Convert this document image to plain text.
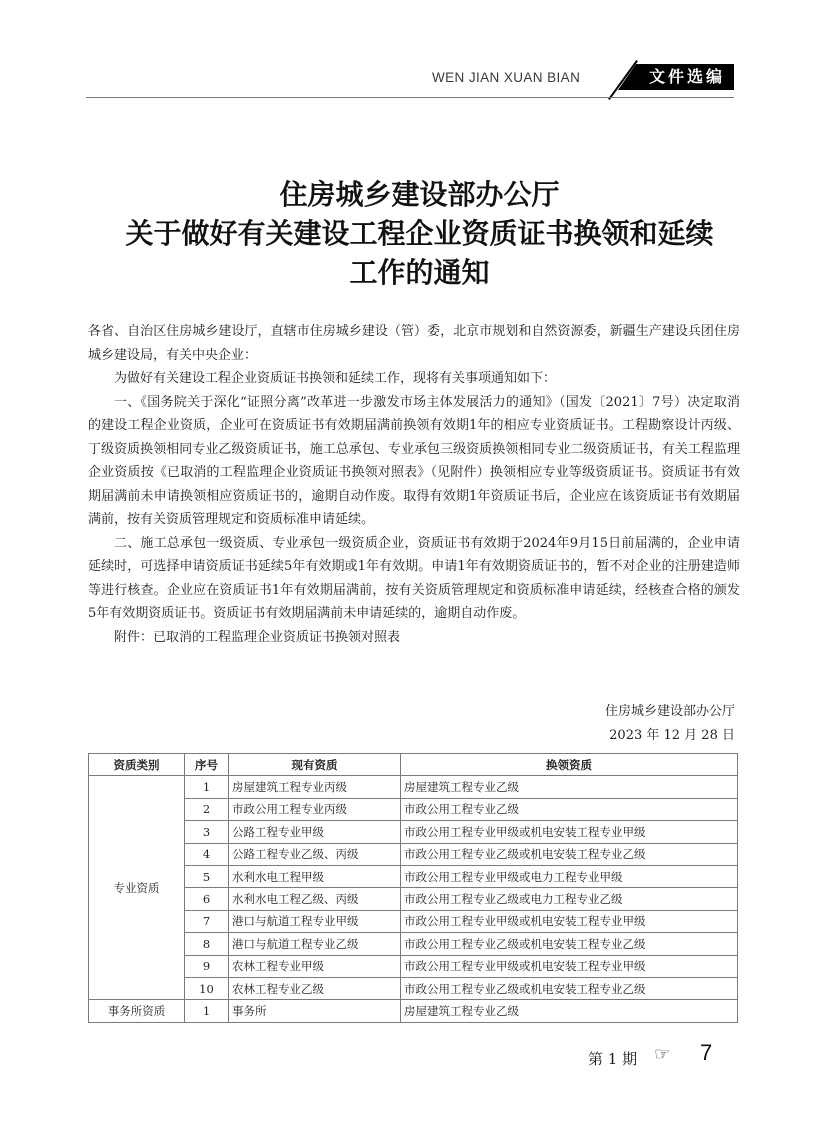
WEN JIAN XUAN BIAN	文件选编
住房城乡建设部办公厅
关于做好有关建设工程企业资质证书换领和延续
工作的通知

各省、自治区住房城乡建设厅，直辖市住房城乡建设（管）委，北京市规划和自然资源委，新疆生产建设兵团住房城乡建设局，有关中央企业：

为做好有关建设工程企业资质证书换领和延续工作，现将有关事项通知如下：

一、《国务院关于深化“证照分离”改革进一步激发市场主体发展活力的通知》（国发〔2021〕7号）决定取消的建设工程企业资质，企业可在资质证书有效期届满前换领有效期1年的相应专业资质证书。工程勘察设计丙级、丁级资质换领相同专业乙级资质证书，施工总承包、专业承包三级资质换领相同专业二级资质证书，有关工程监理企业资质按《已取消的工程监理企业资质证书换领对照表》（见附件）换领相应专业等级资质证书。资质证书有效期届满前未申请换领相应资质证书的，逾期自动作废。取得有效期1年资质证书后，企业应在该资质证书有效期届满前，按有关资质管理规定和资质标准申请延续。

二、施工总承包一级资质、专业承包一级资质企业，资质证书有效期于2024年9月15日前届满的，企业申请延续时，可选择申请资质证书延续5年有效期或1年有效期。申请1年有效期资质证书的，暂不对企业的注册建造师等进行核查。企业应在资质证书1年有效期届满前，按有关资质管理规定和资质标准申请延续，经核查合格的颁发5年有效期资质证书。资质证书有效期届满前未申请延续的，逾期自动作废。

附件：已取消的工程监理企业资质证书换领对照表

住房城乡建设部办公厅
2023 年 12 月 28 日
资质类别	序号	现有资质	换领资质
专业资质	1	房屋建筑工程专业丙级	房屋建筑工程专业乙级
	2	市政公用工程专业丙级	市政公用工程专业乙级
	3	公路工程专业甲级	市政公用工程专业甲级或机电安装工程专业甲级
	4	公路工程专业乙级、丙级	市政公用工程专业乙级或机电安装工程专业乙级
	5	水利水电工程甲级	市政公用工程专业甲级或电力工程专业甲级
	6	水利水电工程乙级、丙级	市政公用工程专业乙级或电力工程专业乙级
	7	港口与航道工程专业甲级	市政公用工程专业甲级或机电安装工程专业甲级
	8	港口与航道工程专业乙级	市政公用工程专业乙级或机电安装工程专业乙级
	9	农林工程专业甲级	市政公用工程专业甲级或机电安装工程专业甲级
	10	农林工程专业乙级	市政公用工程专业乙级或机电安装工程专业乙级
事务所资质	1	事务所	房屋建筑工程专业乙级
第 1 期 ☞ 7
